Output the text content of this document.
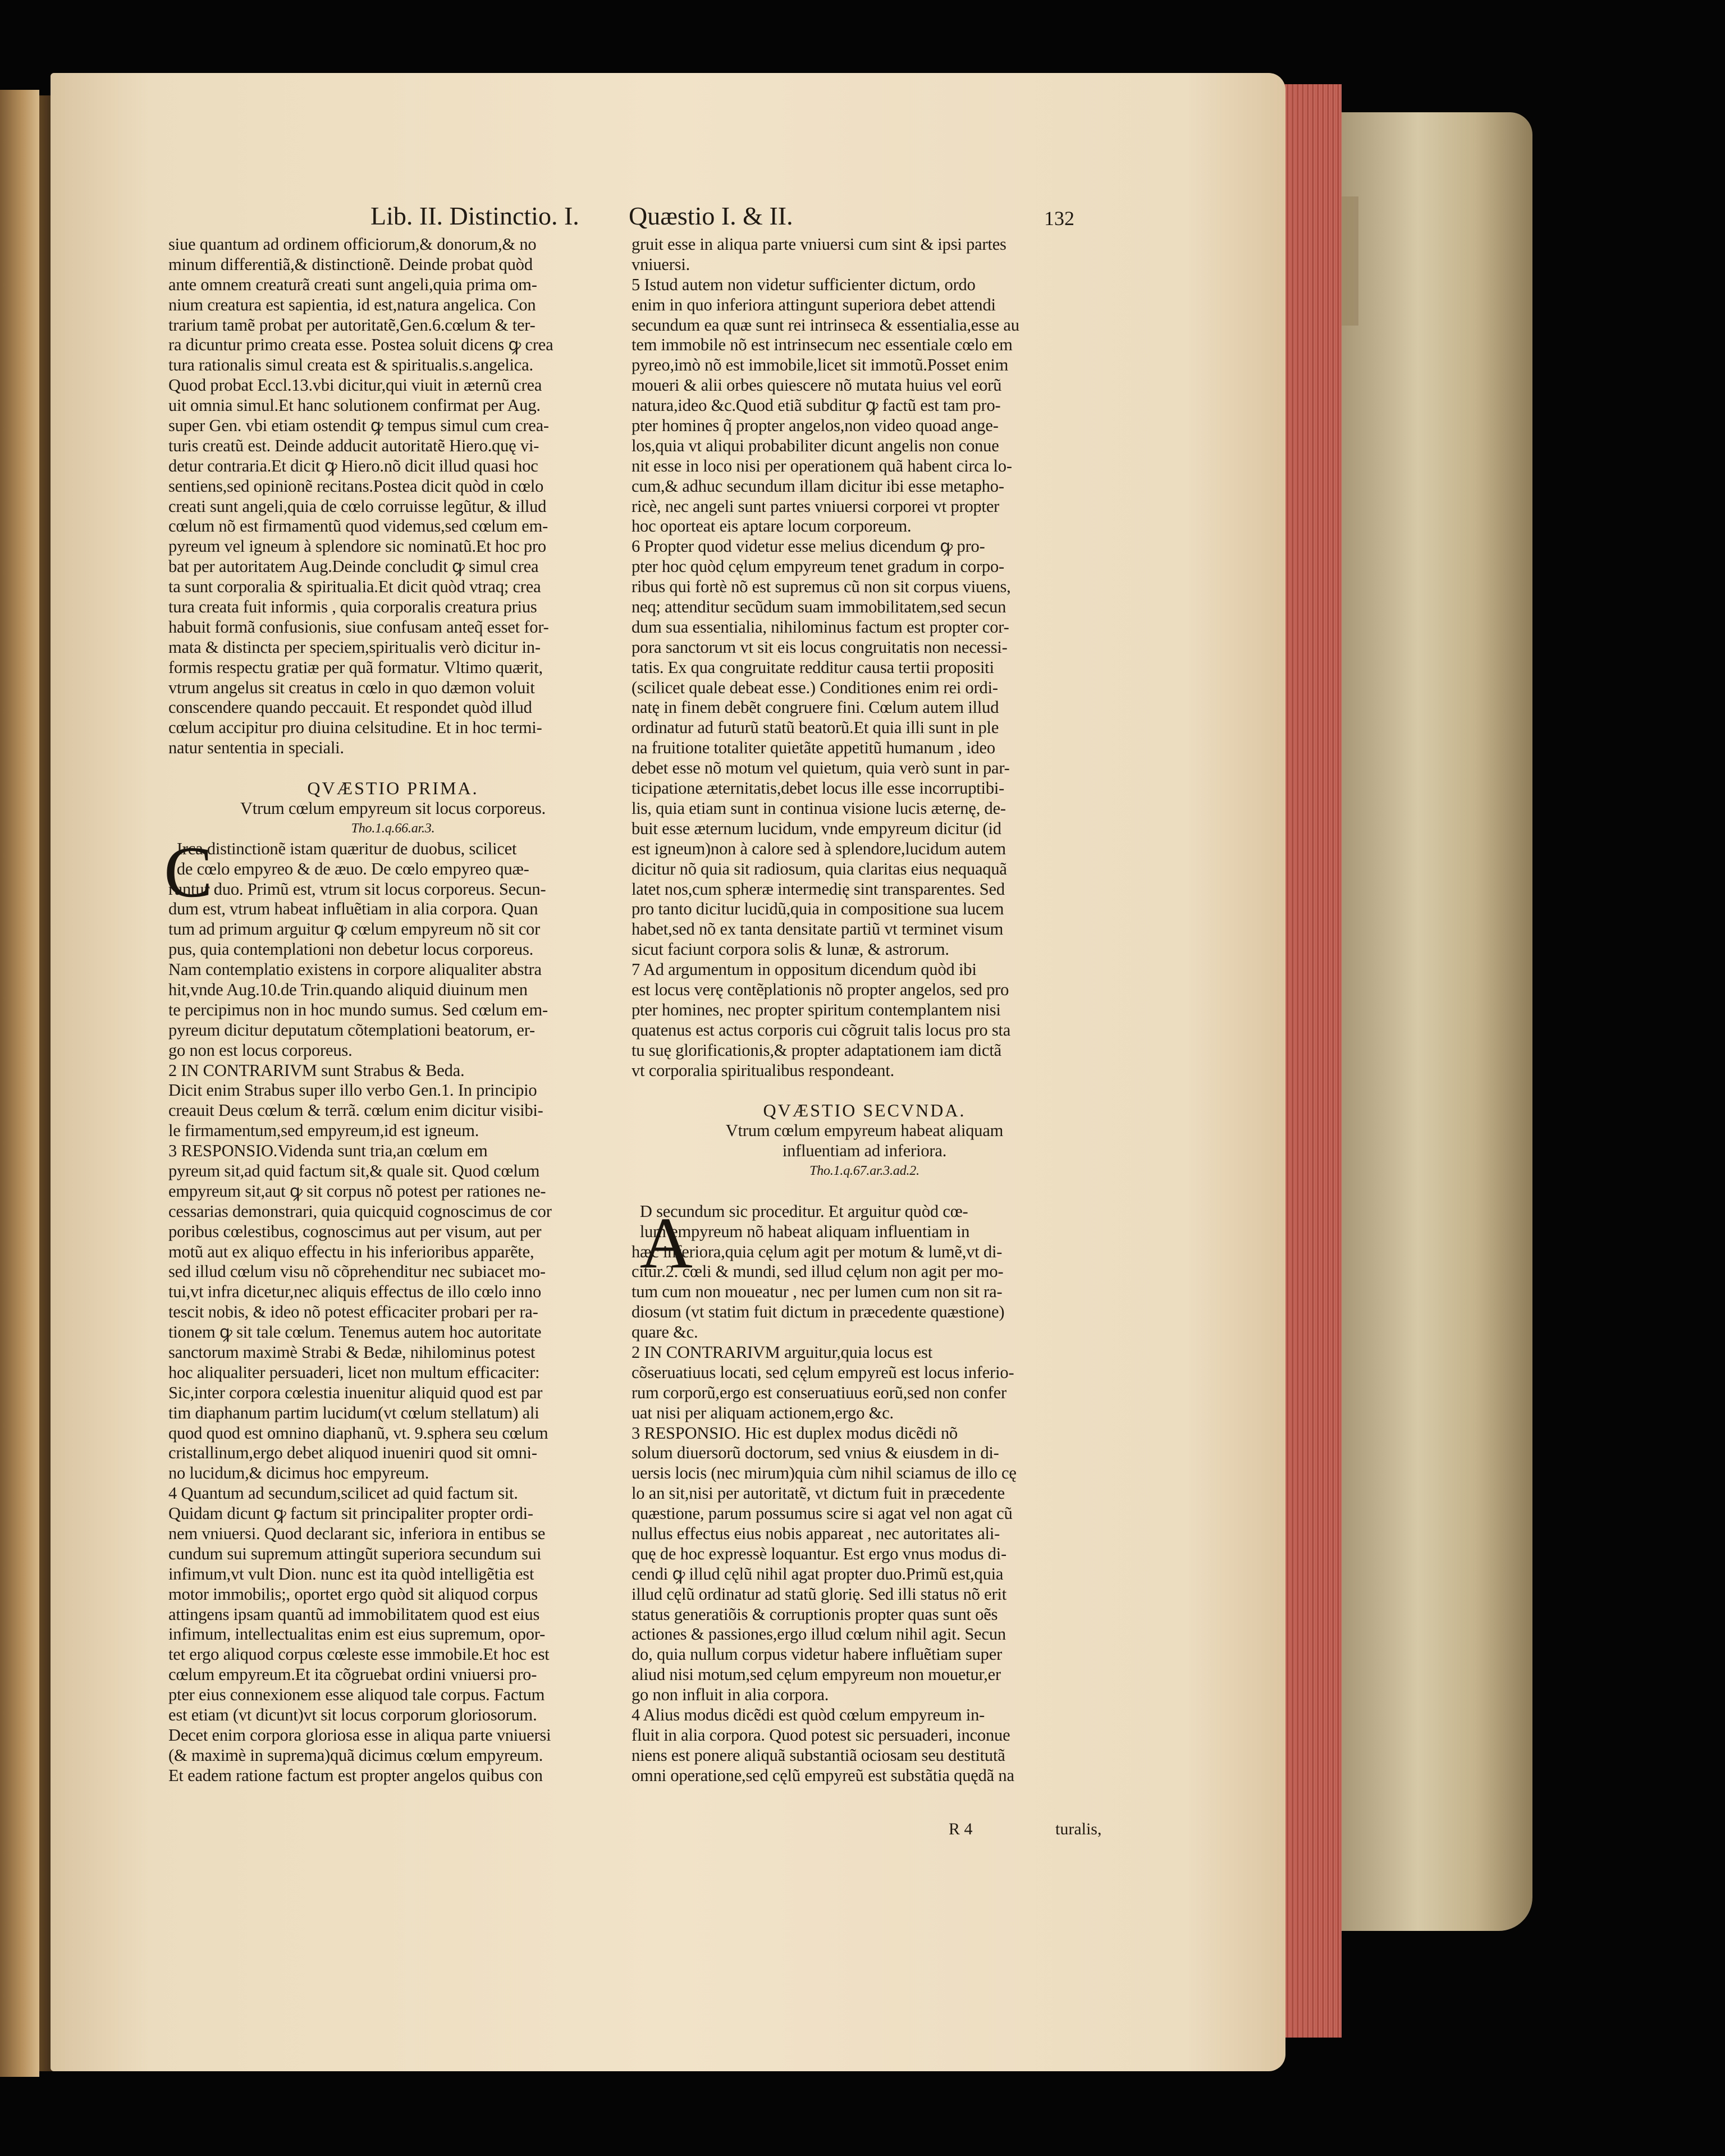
Lib. II. Distinctio. I. Quæstio I. & II.	132
siue quantum ad ordinem officiorum,& donorum,& no
minum differentiã,& distinctionẽ. Deinde probat quòd
ante omnem creaturã creati sunt angeli,quia prima om-
nium creatura est sapientia, id est,natura angelica. Con
trarium tamẽ probat per autoritatẽ,Gen.6.cœlum & ter-
ra dicuntur primo creata esse. Postea soluit dicens ꝙ crea
tura rationalis simul creata est & spiritualis.s.angelica.
Quod probat Eccl.13.vbi dicitur,qui viuit in æternũ crea
uit omnia simul.Et hanc solutionem confirmat per Aug.
super Gen. vbi etiam ostendit ꝙ tempus simul cum crea-
turis creatũ est. Deinde adducit autoritatẽ Hiero.quę vi-
detur contraria.Et dicit ꝙ Hiero.nõ dicit illud quasi hoc
sentiens,sed opinionẽ recitans.Postea dicit quòd in cœlo
creati sunt angeli,quia de cœlo corruisse legũtur, & illud
cœlum nõ est firmamentũ quod videmus,sed cœlum em-
pyreum vel igneum à splendore sic nominatũ.Et hoc pro
bat per autoritatem Aug.Deinde concludit ꝙ simul crea
ta sunt corporalia & spiritualia.Et dicit quòd vtraq; crea
tura creata fuit informis , quia corporalis creatura prius
habuit formã confusionis, siue confusam anteq̃ esset for-
mata & distincta per speciem,spiritualis verò dicitur in-
formis respectu gratiæ per quã formatur. Vltimo quærit,
vtrum angelus sit creatus in cœlo in quo dæmon voluit
conscendere quando peccauit. Et respondet quòd illud
cœlum accipitur pro diuina celsitudine. Et in hoc termi-
natur sententia in speciali.
QVÆSTIO PRIMA.
Vtrum cœlum empyreum sit locus corporeus.
Tho.1.q.66.ar.3.
Irca distinctionẽ istam quæritur de duobus, scilicet
de cœlo empyreo & de æuo. De cœlo empyreo quæ-
runtur duo. Primũ est, vtrum sit locus corporeus. Secun-
dum est, vtrum habeat influẽtiam in alia corpora. Quan
tum ad primum arguitur ꝙ cœlum empyreum nõ sit cor
pus, quia contemplationi non debetur locus corporeus.
Nam contemplatio existens in corpore aliqualiter abstra
hit,vnde Aug.10.de Trin.quando aliquid diuinum men
te percipimus non in hoc mundo sumus. Sed cœlum em-
pyreum dicitur deputatum cõtemplationi beatorum, er-
go non est locus corporeus.
2 IN CONTRARIVM sunt Strabus & Beda.
Dicit enim Strabus super illo verbo Gen.1. In principio
creauit Deus cœlum & terrã. cœlum enim dicitur visibi-
le firmamentum,sed empyreum,id est igneum.
3 RESPONSIO.Videnda sunt tria,an cœlum em
pyreum sit,ad quid factum sit,& quale sit. Quod cœlum
empyreum sit,aut ꝙ sit corpus nõ potest per rationes ne-
cessarias demonstrari, quia quicquid cognoscimus de cor
poribus cœlestibus, cognoscimus aut per visum, aut per
motũ aut ex aliquo effectu in his inferioribus apparẽte,
sed illud cœlum visu nõ cõprehenditur nec subiacet mo-
tui,vt infra dicetur,nec aliquis effectus de illo cœlo inno
tescit nobis, & ideo nõ potest efficaciter probari per ra-
tionem ꝙ sit tale cœlum. Tenemus autem hoc autoritate
sanctorum maximè Strabi & Bedæ, nihilominus potest
hoc aliqualiter persuaderi, licet non multum efficaciter:
Sic,inter corpora cœlestia inuenitur aliquid quod est par
tim diaphanum partim lucidum(vt cœlum stellatum) ali
quod quod est omnino diaphanũ, vt. 9.sphera seu cœlum
cristallinum,ergo debet aliquod inueniri quod sit omni-
no lucidum,& dicimus hoc empyreum.
4 Quantum ad secundum,scilicet ad quid factum sit.
Quidam dicunt ꝙ factum sit principaliter propter ordi-
nem vniuersi. Quod declarant sic, inferiora in entibus se
cundum sui supremum attingũt superiora secundum sui
infimum,vt vult Dion. nunc est ita quòd intelligẽtia est
motor immobilis;, oportet ergo quòd sit aliquod corpus
attingens ipsam quantũ ad immobilitatem quod est eius
infimum, intellectualitas enim est eius supremum, opor-
tet ergo aliquod corpus cœleste esse immobile.Et hoc est
cœlum empyreum.Et ita cõgruebat ordini vniuersi pro-
pter eius connexionem esse aliquod tale corpus. Factum
est etiam (vt dicunt)vt sit locus corporum gloriosorum.
Decet enim corpora gloriosa esse in aliqua parte vniuersi
(& maximè in suprema)quã dicimus cœlum empyreum.
Et eadem ratione factum est propter angelos quibus con
C
gruit esse in aliqua parte vniuersi cum sint & ipsi partes
vniuersi.
5 Istud autem non videtur sufficienter dictum, ordo
enim in quo inferiora attingunt superiora debet attendi
secundum ea quæ sunt rei intrinseca & essentialia,esse au
tem immobile nõ est intrinsecum nec essentiale cœlo em
pyreo,imò nõ est immobile,licet sit immotũ.Posset enim
moueri & alii orbes quiescere nõ mutata huius vel eorũ
natura,ideo &c.Quod etiã subditur ꝙ factũ est tam pro-
pter homines q̃ propter angelos,non video quoad ange-
los,quia vt aliqui probabiliter dicunt angelis non conue
nit esse in loco nisi per operationem quã habent circa lo-
cum,& adhuc secundum illam dicitur ibi esse metapho-
ricè, nec angeli sunt partes vniuersi corporei vt propter
hoc oporteat eis aptare locum corporeum.
6 Propter quod videtur esse melius dicendum ꝙ pro-
pter hoc quòd cęlum empyreum tenet gradum in corpo-
ribus qui fortè nõ est supremus cũ non sit corpus viuens,
neq; attenditur secũdum suam immobilitatem,sed secun
dum sua essentialia, nihilominus factum est propter cor-
pora sanctorum vt sit eis locus congruitatis non necessi-
tatis. Ex qua congruitate redditur causa tertii propositi
(scilicet quale debeat esse.) Conditiones enim rei ordi-
natę in finem debẽt congruere fini. Cœlum autem illud
ordinatur ad futurũ statũ beatorũ.Et quia illi sunt in ple
na fruitione totaliter quietãte appetitũ humanum , ideo
debet esse nõ motum vel quietum, quia verò sunt in par-
ticipatione æternitatis,debet locus ille esse incorruptibi-
lis, quia etiam sunt in continua visione lucis æternę, de-
buit esse æternum lucidum, vnde empyreum dicitur (id
est igneum)non à calore sed à splendore,lucidum autem
dicitur nõ quia sit radiosum, quia claritas eius nequaquã
latet nos,cum spheræ intermedię sint transparentes. Sed
pro tanto dicitur lucidũ,quia in compositione sua lucem
habet,sed nõ ex tanta densitate partiũ vt terminet visum
sicut faciunt corpora solis & lunæ, & astrorum.
7 Ad argumentum in oppositum dicendum quòd ibi
est locus verę contẽplationis nõ propter angelos, sed pro
pter homines, nec propter spiritum contemplantem nisi
quatenus est actus corporis cui cõgruit talis locus pro sta
tu suę glorificationis,& propter adaptationem iam dictã
vt corporalia spiritualibus respondeant.
QVÆSTIO SECVNDA.
Vtrum cœlum empyreum habeat aliquam
influentiam ad inferiora.
Tho.1.q.67.ar.3.ad.2.
D secundum sic proceditur. Et arguitur quòd cœ-
lum empyreum nõ habeat aliquam influentiam in
hæc inferiora,quia cęlum agit per motum & lumẽ,vt di-
citur.2. cœli & mundi, sed illud cęlum non agit per mo-
tum cum non moueatur , nec per lumen cum non sit ra-
diosum (vt statim fuit dictum in præcedente quæstione)
quare &c.
2 IN CONTRARIVM arguitur,quia locus est
cõseruatiuus locati, sed cęlum empyreũ est locus inferio-
rum corporũ,ergo est conseruatiuus eorũ,sed non confer
uat nisi per aliquam actionem,ergo &c.
3 RESPONSIO. Hic est duplex modus dicẽdi nõ
solum diuersorũ doctorum, sed vnius & eiusdem in di-
uersis locis (nec mirum)quia cùm nihil sciamus de illo cę
lo an sit,nisi per autoritatẽ, vt dictum fuit in præcedente
quæstione, parum possumus scire si agat vel non agat cũ
nullus effectus eius nobis appareat , nec autoritates ali-
quę de hoc expressè loquantur. Est ergo vnus modus di-
cendi ꝙ illud cęlũ nihil agat propter duo.Primũ est,quia
illud cęlũ ordinatur ad statũ glorię. Sed illi status nõ erit
status generatiõis & corruptionis propter quas sunt oẽs
actiones & passiones,ergo illud cœlum nihil agit. Secun
do, quia nullum corpus videtur habere influẽtiam super
aliud nisi motum,sed cęlum empyreum non mouetur,er
go non influit in alia corpora.
4 Alius modus dicẽdi est quòd cœlum empyreum in-
fluit in alia corpora. Quod potest sic persuaderi, inconue
niens est ponere aliquã substantiã ociosam seu destitutã
omni operatione,sed cęlũ empyreũ est substãtia quędã na
A
R 4	turalis,
